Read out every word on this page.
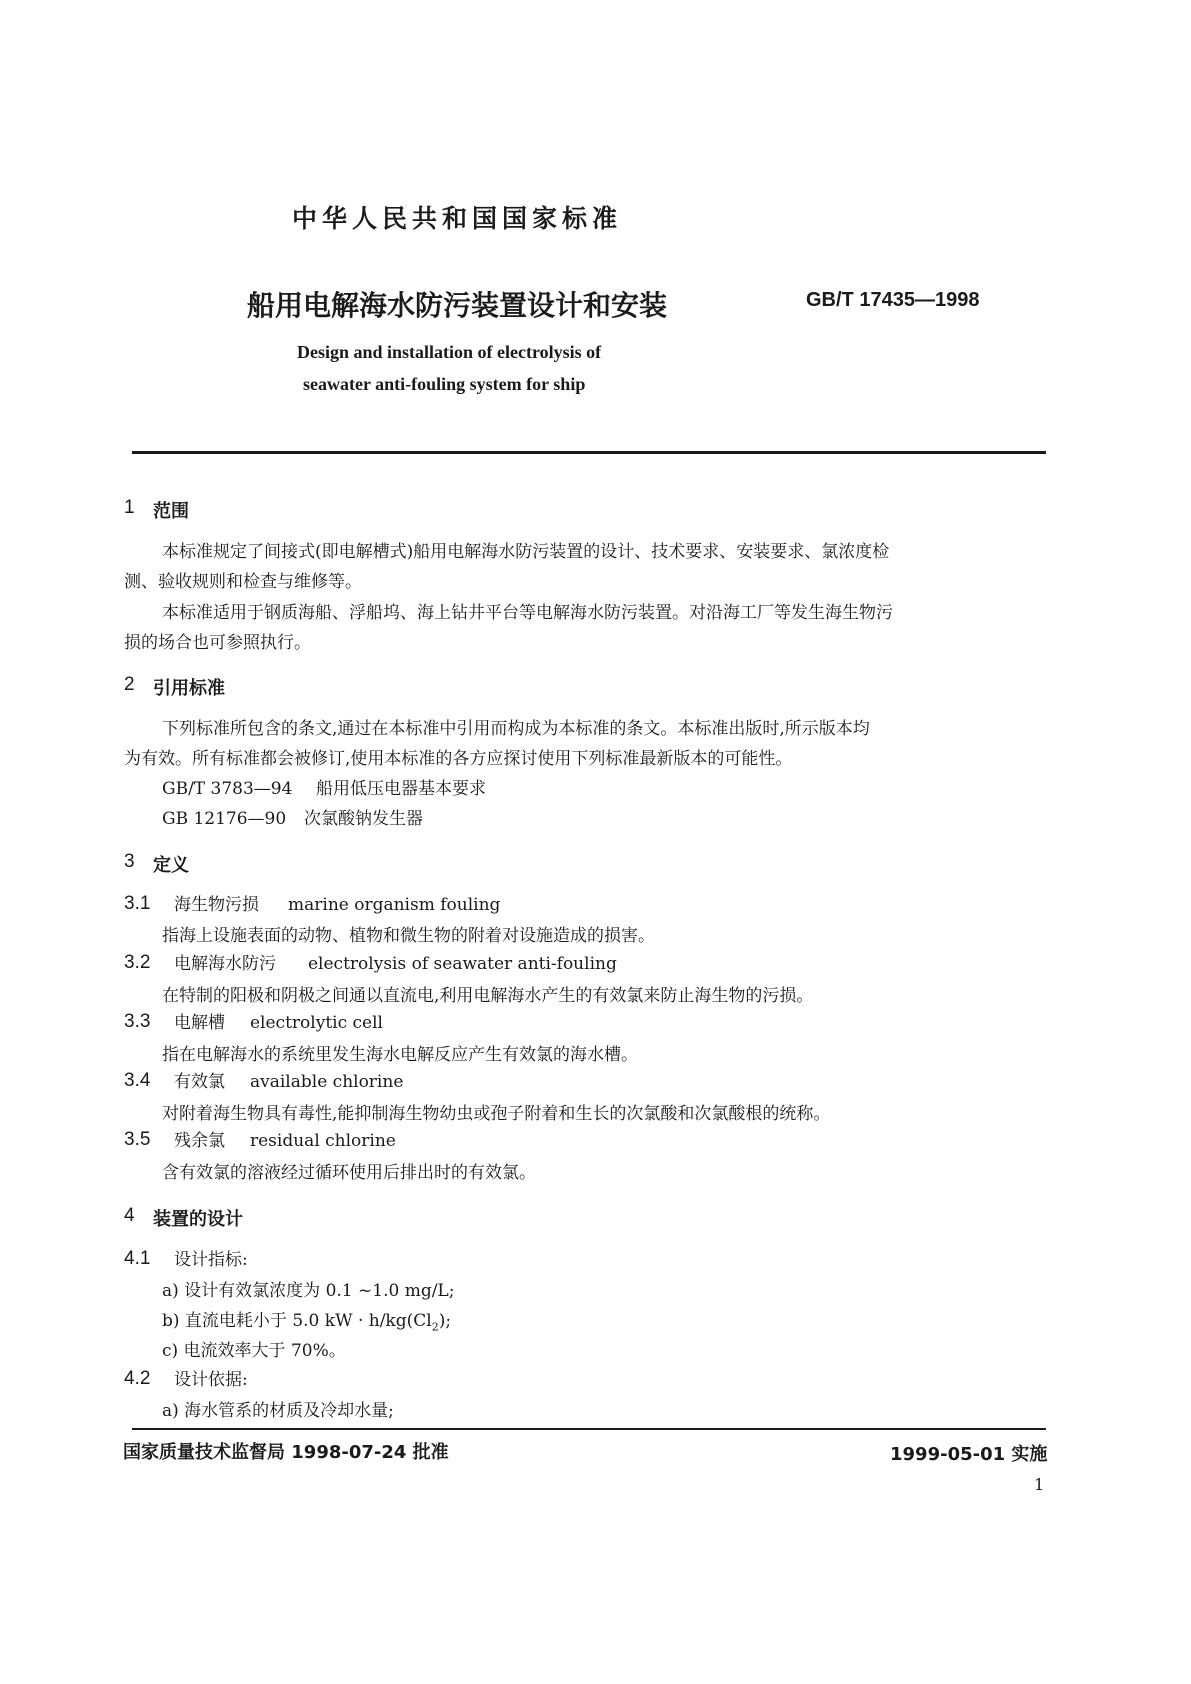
中华人民共和国国家标准
船用电解海水防污装置设计和安装	GB/T 17435—1998
Design and installation of electrolysis of
seawater anti-fouling system for ship
1 范围
本标准规定了间接式(即电解槽式)船用电解海水防污装置的设计、技术要求、安装要求、氯浓度检
测、验收规则和检查与维修等。
本标准适用于钢质海船、浮船坞、海上钻井平台等电解海水防污装置。对沿海工厂等发生海生物污
损的场合也可参照执行。
2 引用标准
下列标准所包含的条文,通过在本标准中引用而构成为本标准的条文。本标准出版时,所示版本均
为有效。所有标准都会被修订,使用本标准的各方应探讨使用下列标准最新版本的可能性。
GB/T 3783—94 船用低压电器基本要求
GB 12176—90 次氯酸钠发生器
3 定义
3.1 海生物污损 marine organism fouling
指海上设施表面的动物、植物和微生物的附着对设施造成的损害。
3.2 电解海水防污 electrolysis of seawater anti-fouling
在特制的阳极和阴极之间通以直流电,利用电解海水产生的有效氯来防止海生物的污损。
3.3 电解槽 electrolytic cell
指在电解海水的系统里发生海水电解反应产生有效氯的海水槽。
3.4 有效氯 available chlorine
对附着海生物具有毒性,能抑制海生物幼虫或孢子附着和生长的次氯酸和次氯酸根的统称。
3.5 残余氯 residual chlorine
含有效氯的溶液经过循环使用后排出时的有效氯。
4 装置的设计
4.1 设计指标:
a) 设计有效氯浓度为 0.1 ~1.0 mg/L;
b) 直流电耗小于 5.0 kW · $h/kg(Cl_2)$;
c) 电流效率大于 70%。
4.2 设计依据:
a) 海水管系的材质及冷却水量;
国家质量技术监督局 1998-07-24 批准	1999-05-01 实施
1
